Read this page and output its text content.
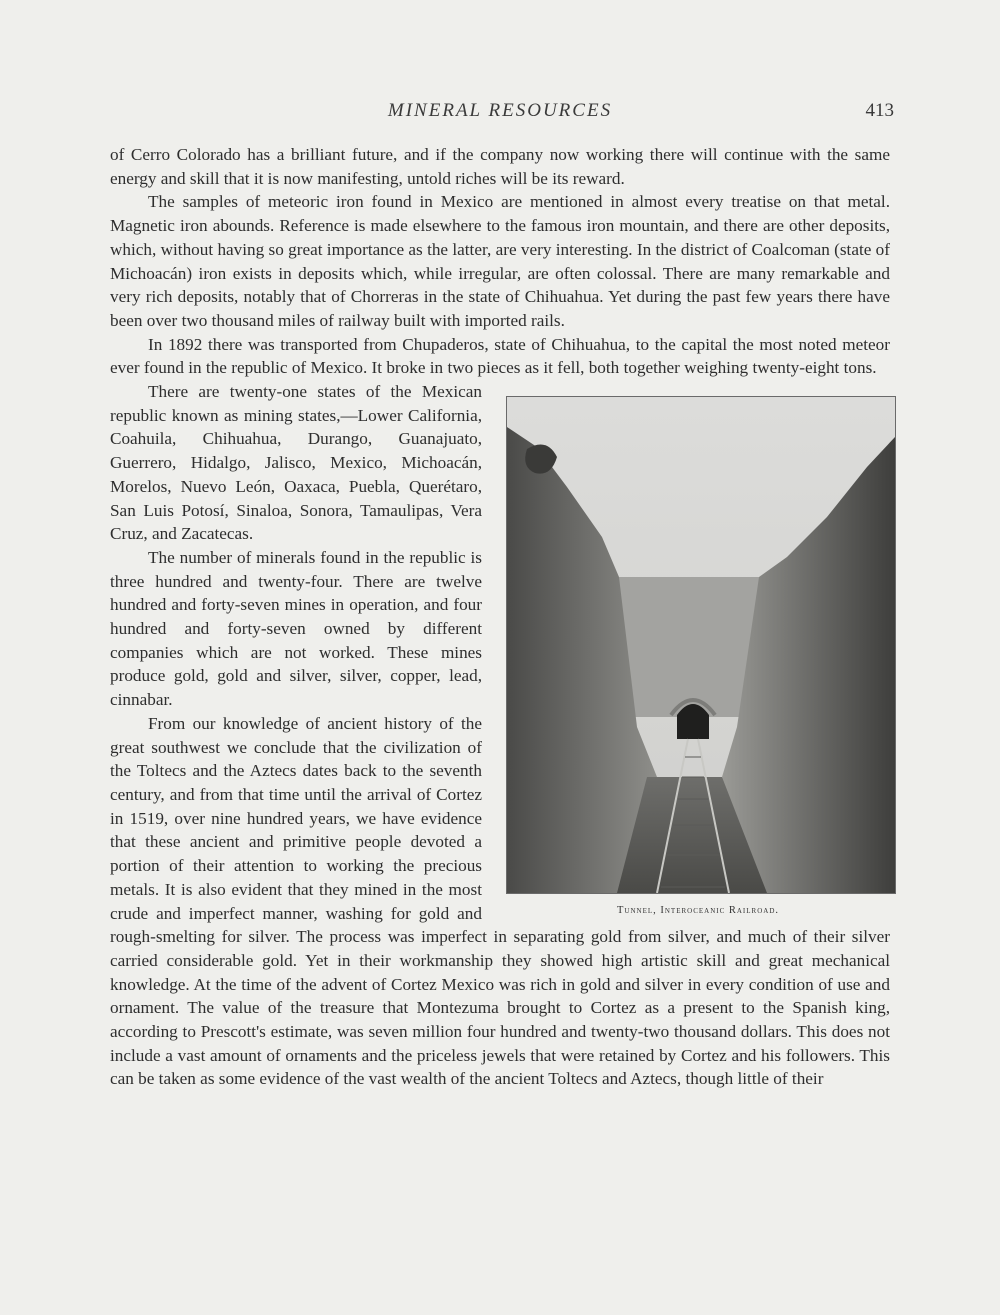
MINERAL RESOURCES	413

of Cerro Colorado has a brilliant future, and if the company now working there will continue with the same energy and skill that it is now manifesting, untold riches will be its reward.

The samples of meteoric iron found in Mexico are mentioned in almost every treatise on that metal. Magnetic iron abounds. Reference is made elsewhere to the famous iron mountain, and there are other deposits, which, without having so great importance as the latter, are very interesting. In the district of Coalcoman (state of Michoacán) iron exists in deposits which, while irregular, are often colossal. There are many remarkable and very rich deposits, notably that of Chorreras in the state of Chihuahua. Yet during the past few years there have been over two thousand miles of railway built with imported rails.

In 1892 there was transported from Chupaderos, state of Chihuahua, to the capital the most noted meteor ever found in the republic of Mexico. It broke in two pieces as it fell, both together weighing twenty-eight tons.

Tunnel, Interoceanic Railroad.

There are twenty-one states of the Mexican republic known as mining states,—Lower California, Coahuila, Chihuahua, Durango, Guanajuato, Guerrero, Hidalgo, Jalisco, Mexico, Michoacán, Morelos, Nuevo León, Oaxaca, Puebla, Querétaro, San Luis Potosí, Sinaloa, Sonora, Tamaulipas, Vera Cruz, and Zacatecas.

The number of minerals found in the republic is three hundred and twenty-four. There are twelve hundred and forty-seven mines in operation, and four hundred and forty-seven owned by different companies which are not worked. These mines produce gold, gold and silver, silver, copper, lead, cinnabar.

From our knowledge of ancient history of the great southwest we conclude that the civilization of the Toltecs and the Aztecs dates back to the seventh century, and from that time until the arrival of Cortez in 1519, over nine hundred years, we have evidence that these ancient and primitive people devoted a portion of their attention to working the precious metals. It is also evident that they mined in the most crude and imperfect manner, washing for gold and rough-smelting for silver. The process was imperfect in separating gold from silver, and much of their silver carried considerable gold. Yet in their workmanship they showed high artistic skill and great mechanical knowledge. At the time of the advent of Cortez Mexico was rich in gold and silver in every condition of use and ornament. The value of the treasure that Montezuma brought to Cortez as a present to the Spanish king, according to Prescott's estimate, was seven million four hundred and twenty-two thousand dollars. This does not include a vast amount of ornaments and the priceless jewels that were retained by Cortez and his followers. This can be taken as some evidence of the vast wealth of the ancient Toltecs and Aztecs, though little of their
